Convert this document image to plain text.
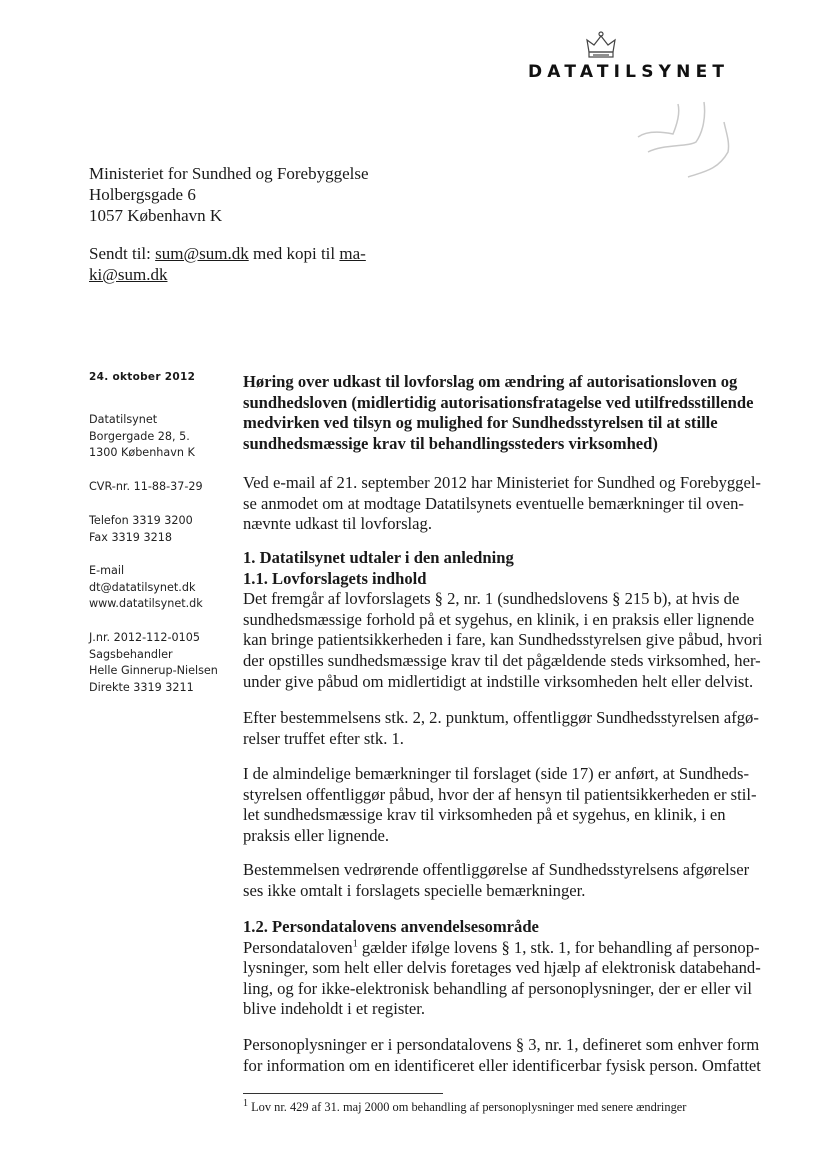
DATATILSYNET
Ministeriet for Sundhed og Forebyggelse
Holbergsgade 6
1057 København K
Sendt til: sum@sum.dk med kopi til ma-
ki@sum.dk
24. oktober 2012
Datatilsynet
Borgergade 28, 5.
1300 København K
CVR-nr. 11-88-37-29
Telefon 3319 3200
Fax 3319 3218
E-mail
dt@datatilsynet.dk
www.datatilsynet.dk
J.nr. 2012-112-0105
Sagsbehandler
Helle Ginnerup-Nielsen
Direkte 3319 3211
Høring over udkast til lovforslag om ændring af autorisationsloven og
sundhedsloven (midlertidig autorisationsfratagelse ved utilfredsstillende
medvirken ved tilsyn og mulighed for Sundhedsstyrelsen til at stille
sundhedsmæssige krav til behandlingssteders virksomhed)
Ved e-mail af 21. september 2012 har Ministeriet for Sundhed og Forebyggel-
se anmodet om at modtage Datatilsynets eventuelle bemærkninger til oven-
nævnte udkast til lovforslag.
1. Datatilsynet udtaler i den anledning
1.1. Lovforslagets indhold
Det fremgår af lovforslagets § 2, nr. 1 (sundhedslovens § 215 b), at hvis de
sundhedsmæssige forhold på et sygehus, en klinik, i en praksis eller lignende
kan bringe patientsikkerheden i fare, kan Sundhedsstyrelsen give påbud, hvori
der opstilles sundhedsmæssige krav til det pågældende steds virksomhed, her-
under give påbud om midlertidigt at indstille virksomheden helt eller delvist.
Efter bestemmelsens stk. 2, 2. punktum, offentliggør Sundhedsstyrelsen afgø-
relser truffet efter stk. 1.
I de almindelige bemærkninger til forslaget (side 17) er anført, at Sundheds-
styrelsen offentliggør påbud, hvor der af hensyn til patientsikkerheden er stil-
let sundhedsmæssige krav til virksomheden på et sygehus, en klinik, i en
praksis eller lignende.
Bestemmelsen vedrørende offentliggørelse af Sundhedsstyrelsens afgørelser
ses ikke omtalt i forslagets specielle bemærkninger.
1.2. Persondatalovens anvendelsesområde
Persondataloven$^1$ gælder ifølge lovens § 1, stk. 1, for behandling af personop-
lysninger, som helt eller delvis foretages ved hjælp af elektronisk databehand-
ling, og for ikke-elektronisk behandling af personoplysninger, der er eller vil
blive indeholdt i et register.
Personoplysninger er i persondatalovens § 3, nr. 1, defineret som enhver form
for information om en identificeret eller identificerbar fysisk person. Omfattet
$^1$ Lov nr. 429 af 31. maj 2000 om behandling af personoplysninger med senere ændringer
